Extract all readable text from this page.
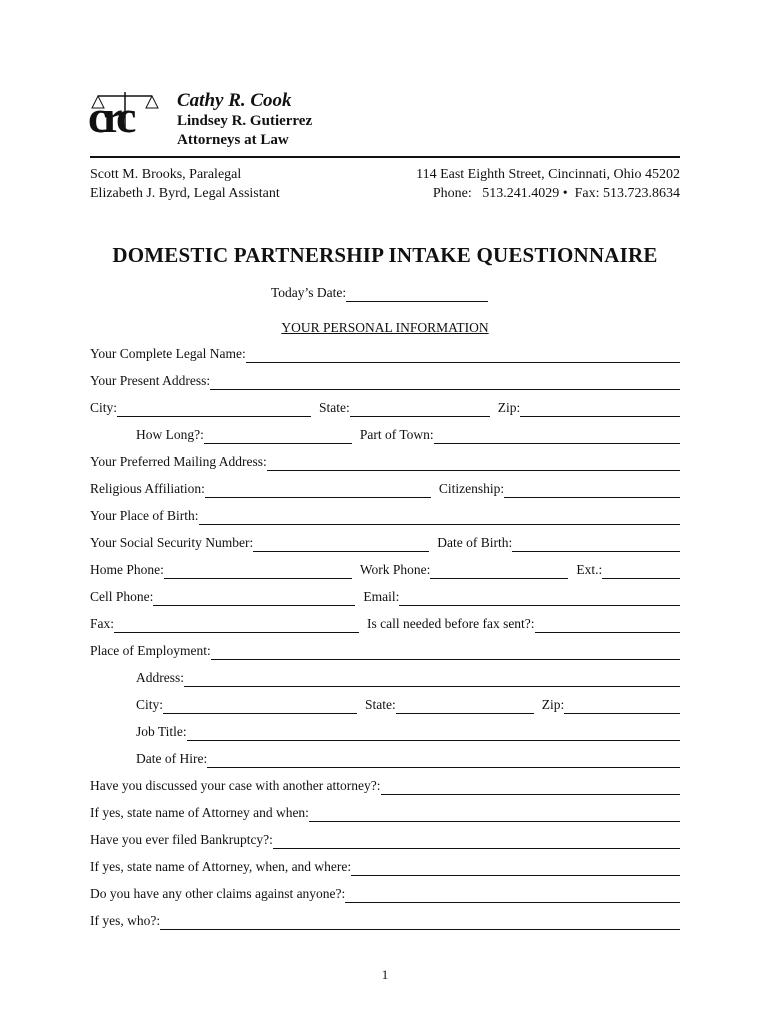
crc Cathy R. Cook
Lindsey R. Gutierrez
Attorneys at Law
Scott M. Brooks, Paralegal
Elizabeth J. Byrd, Legal Assistant
114 East Eighth Street, Cincinnati, Ohio 45202
Phone:   513.241.4029 •  Fax: 513.723.8634
DOMESTIC PARTNERSHIP INTAKE QUESTIONNAIRE
Today’s Date:
YOUR PERSONAL INFORMATION
Your Complete Legal Name:
Your Present Address:
City:	State:	Zip:
How Long?:	Part of Town:
Your Preferred Mailing Address:
Religious Affiliation:	Citizenship:
Your Place of Birth:
Your Social Security Number:	Date of Birth:
Home Phone:	Work Phone:	Ext.:
Cell Phone:	Email:
Fax:	Is call needed before fax sent?:
Place of Employment:
Address:
City:	State:	Zip:
Job Title:
Date of Hire:
Have you discussed your case with another attorney?:
If yes, state name of Attorney and when:
Have you ever filed Bankruptcy?:
If yes, state name of Attorney, when, and where:
Do you have any other claims against anyone?:
If yes, who?:
1
